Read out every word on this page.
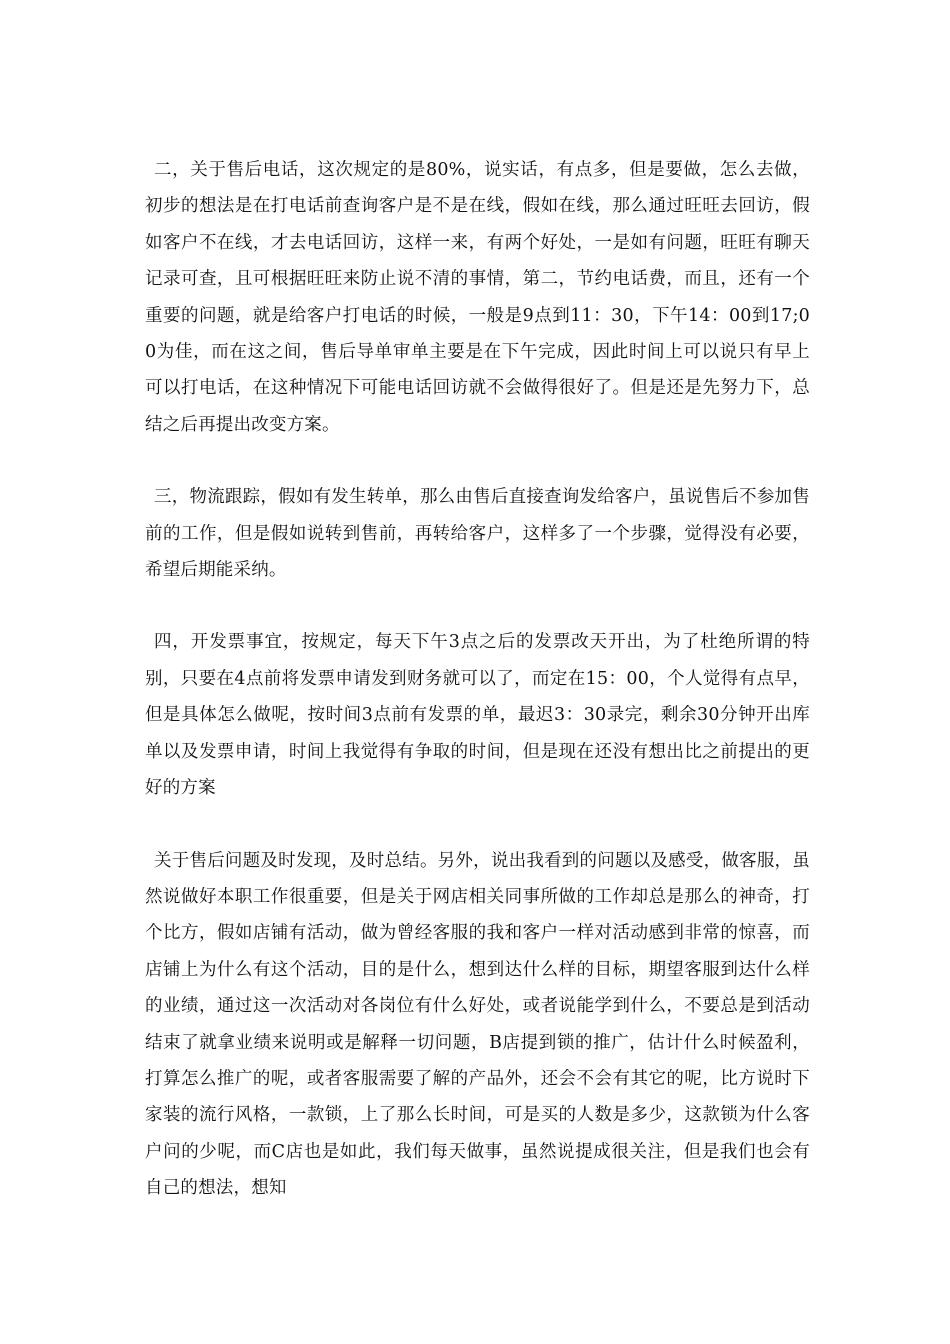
二，关于售后电话，这次规定的是80%，说实话，有点多，但是要做，怎么去做，初步的想法是在打电话前查询客户是不是在线，假如在线，那么通过旺旺去回访，假如客户不在线，才去电话回访，这样一来，有两个好处，一是如有问题，旺旺有聊天记录可查，且可根据旺旺来防止说不清的事情，第二，节约电话费，而且，还有一个重要的问题，就是给客户打电话的时候，一般是9点到11：30，下午14：00到17;00为佳，而在这之间，售后导单审单主要是在下午完成，因此时间上可以说只有早上可以打电话，在这种情况下可能电话回访就不会做得很好了。但是还是先努力下，总结之后再提出改变方案。

三，物流跟踪，假如有发生转单，那么由售后直接查询发给客户，虽说售后不参加售前的工作，但是假如说转到售前，再转给客户，这样多了一个步骤，觉得没有必要，希望后期能采纳。

四，开发票事宜，按规定，每天下午3点之后的发票改天开出，为了杜绝所谓的特别，只要在4点前将发票申请发到财务就可以了，而定在15：00，个人觉得有点早，但是具体怎么做呢，按时间3点前有发票的单，最迟3：30录完，剩余30分钟开出库单以及发票申请，时间上我觉得有争取的时间，但是现在还没有想出比之前提出的更好的方案

关于售后问题及时发现，及时总结。另外，说出我看到的问题以及感受，做客服，虽然说做好本职工作很重要，但是关于网店相关同事所做的工作却总是那么的神奇，打个比方，假如店铺有活动，做为曾经客服的我和客户一样对活动感到非常的惊喜，而店铺上为什么有这个活动，目的是什么，想到达什么样的目标，期望客服到达什么样的业绩，通过这一次活动对各岗位有什么好处，或者说能学到什么，不要总是到活动结束了就拿业绩来说明或是解释一切问题，B店提到锁的推广，估计什么时候盈利，打算怎么推广的呢，或者客服需要了解的产品外，还会不会有其它的呢，比方说时下家装的流行风格，一款锁，上了那么长时间，可是买的人数是多少，这款锁为什么客户问的少呢，而C店也是如此，我们每天做事，虽然说提成很关注，但是我们也会有自己的想法，想知
